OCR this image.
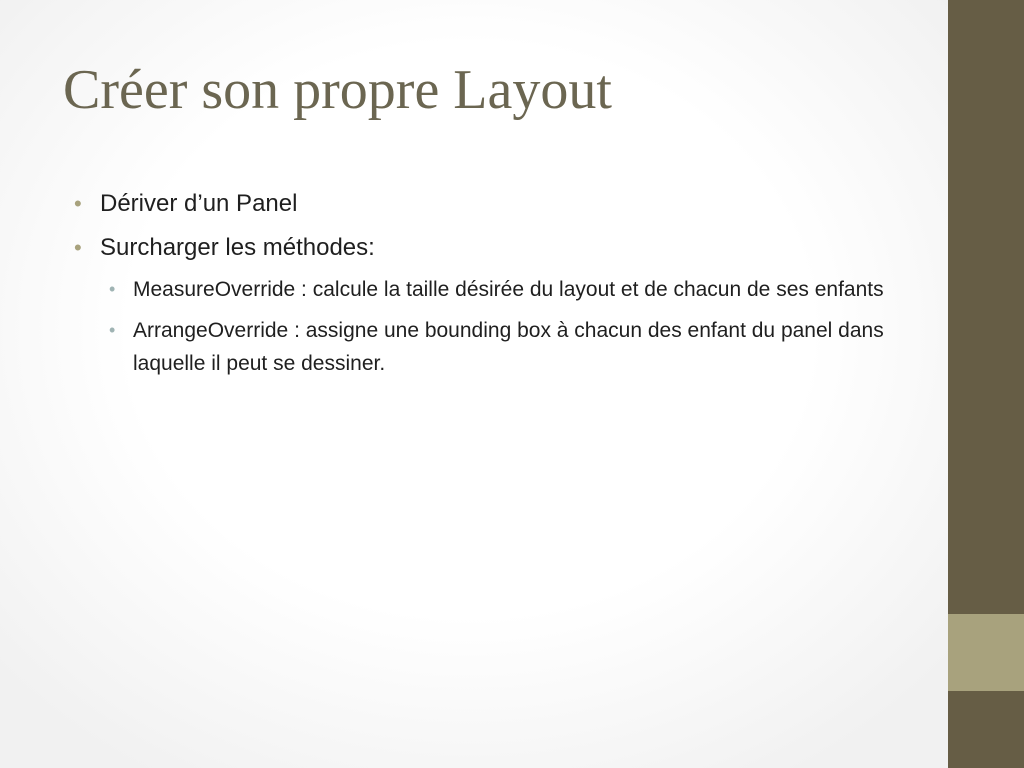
Créer son propre Layout
• Dériver d’un Panel
• Surcharger les méthodes:
• MeasureOverride : calcule la taille désirée du layout et de chacun de ses enfants
• ArrangeOverride : assigne une bounding box à chacun des enfant du panel dans laquelle il peut se dessiner.
